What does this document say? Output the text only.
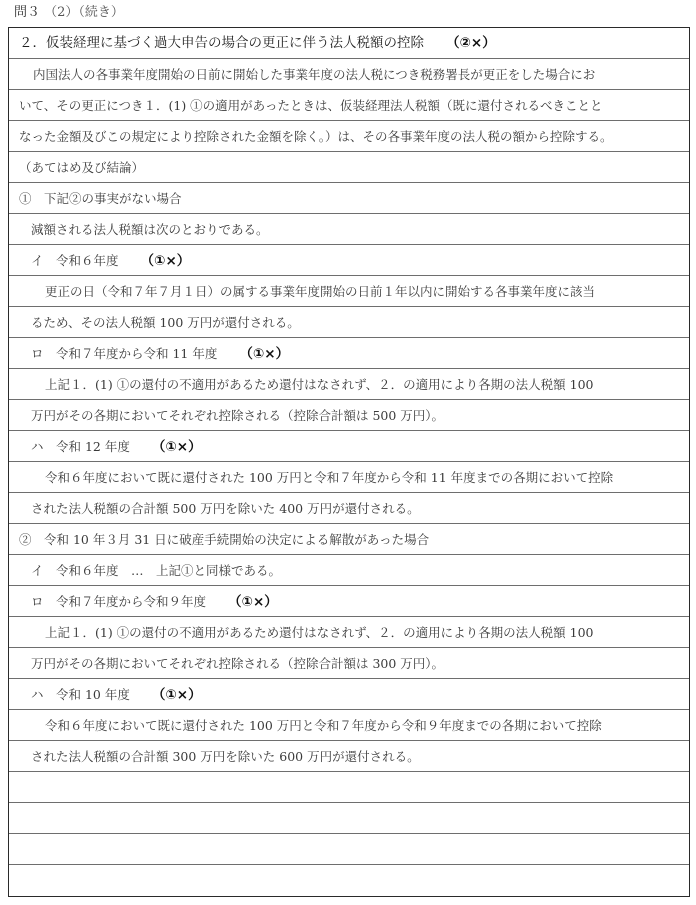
問３ （2）（続き）
２．仮装経理に基づく過大申告の場合の更正に伴う法人税額の控除 （②×）
内国法人の各事業年度開始の日前に開始した事業年度の法人税につき税務署長が更正をした場合にお
いて、その更正につき１．(1) ①の適用があったときは、仮装経理法人税額（既に還付されるべきことと
なった金額及びこの規定により控除された金額を除く。）は、その各事業年度の法人税の額から控除する。
（あてはめ及び結論）
①　下記②の事実がない場合
減額される法人税額は次のとおりである。
イ　令和６年度 （①×）
更正の日（令和７年７月１日）の属する事業年度開始の日前１年以内に開始する各事業年度に該当
るため、その法人税額 100 万円が還付される。
ロ　令和７年度から令和 11 年度 （①×）
上記１．(1) ①の還付の不適用があるため還付はなされず、２．の適用により各期の法人税額 100
万円がその各期においてそれぞれ控除される（控除合計額は 500 万円）。
ハ　令和 12 年度 （①×）
令和６年度において既に還付された 100 万円と令和７年度から令和 11 年度までの各期において控除
された法人税額の合計額 500 万円を除いた 400 万円が還付される。
②　令和 10 年３月 31 日に破産手続開始の決定による解散があった場合
イ　令和６年度　…　上記①と同様である。
ロ　令和７年度から令和９年度 （①×）
上記１．(1) ①の還付の不適用があるため還付はなされず、２．の適用により各期の法人税額 100
万円がその各期においてそれぞれ控除される（控除合計額は 300 万円）。
ハ　令和 10 年度 （①×）
令和６年度において既に還付された 100 万円と令和７年度から令和９年度までの各期において控除
された法人税額の合計額 300 万円を除いた 600 万円が還付される。
